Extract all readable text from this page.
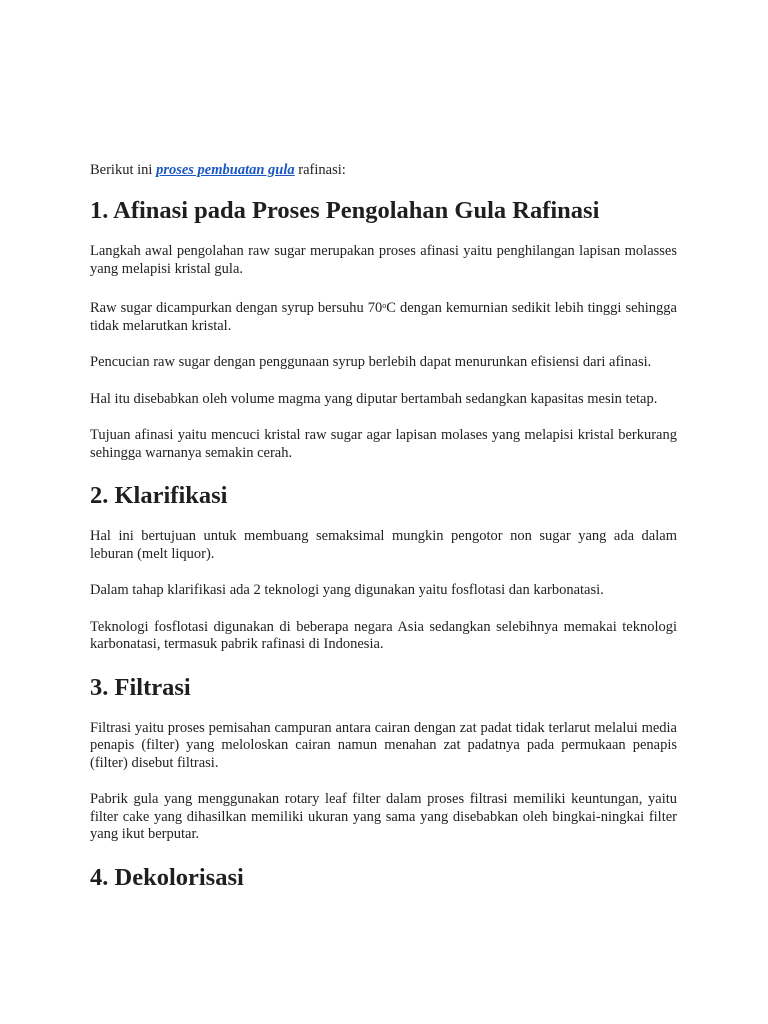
Berikut ini proses pembuatan gula rafinasi:

1. Afinasi pada Proses Pengolahan Gula Rafinasi

Langkah awal pengolahan raw sugar merupakan proses afinasi yaitu penghilangan lapisan molasses yang melapisi kristal gula.

Raw sugar dicampurkan dengan syrup bersuhu 70$^o$C dengan kemurnian sedikit lebih tinggi sehingga tidak melarutkan kristal.

Pencucian raw sugar dengan penggunaan syrup berlebih dapat menurunkan efisiensi dari afinasi.

Hal itu disebabkan oleh volume magma yang diputar bertambah sedangkan kapasitas mesin tetap.

Tujuan afinasi yaitu mencuci kristal raw sugar agar lapisan molases yang melapisi kristal berkurang sehingga warnanya semakin cerah.

2. Klarifikasi

Hal ini bertujuan untuk membuang semaksimal mungkin pengotor non sugar yang ada dalam leburan (melt liquor).

Dalam tahap klarifikasi ada 2 teknologi yang digunakan yaitu fosflotasi dan karbonatasi.

Teknologi fosflotasi digunakan di beberapa negara Asia sedangkan selebihnya memakai teknologi karbonatasi, termasuk pabrik rafinasi di Indonesia.

3. Filtrasi

Filtrasi yaitu proses pemisahan campuran antara cairan dengan zat padat tidak terlarut melalui media penapis (filter) yang meloloskan cairan namun menahan zat padatnya pada permukaan penapis (filter) disebut filtrasi.

Pabrik gula yang menggunakan rotary leaf filter dalam proses filtrasi memiliki keuntungan, yaitu filter cake yang dihasilkan memiliki ukuran yang sama yang disebabkan oleh bingkai-ningkai filter yang ikut berputar.

4. Dekolorisasi
